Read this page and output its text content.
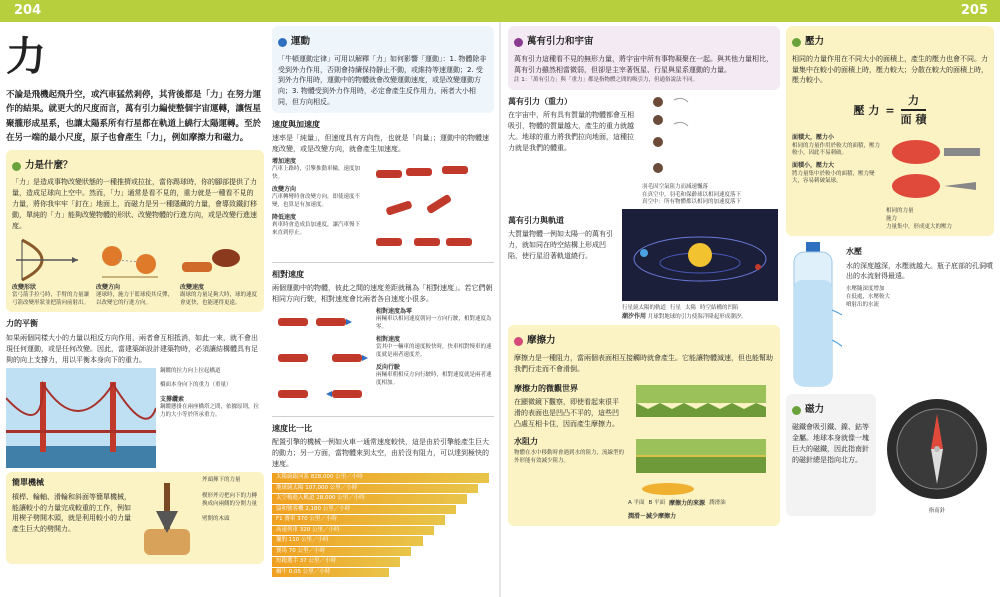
204	205
力
不論是飛機起飛升空，或汽車猛然剎停，其背後都是「力」在努力運作的結果。就更大的尺度而言，萬有引力編使整個宇宙運轉，讓恆星聚攏形成星系，也讓太陽系所有行星都在軌道上繞行太陽運轉。至於在另一端的最小尺度，原子也會產生「力」，例如摩擦力和磁力。
力是什麼？
「力」是造成事物改變狀態的一種推擠或拉扯，當你踢球時，你的腳部提供了力量，造成足球向上空中。然而，「力」通常是看不見的，重力就是一種看不見的力量，將你我牢牢「釘在」地面上，而磁力是另一種隱藏的力量，會導致鐵釘移動，單純的「力」能夠改變物體的形狀、改變物體的行進方向，或是改變行進速度。
改變形狀
當弓箭手拉弓時，手臂的力量讓弓箭改變形狀並把箭向前射出。
改變方向
運球時，施力于籃球使其反彈，以改變它的行進方向。
改變速度
踢球的力量足夠大時，球的速度會更快，也能運得更遠。
力的平衡
如果兩個同樣大小的力量以相反方向作用，兩者會互相抵消，如此一來，就不會出現任何運動，或是任何改變。因此，當建築師設計建築物時，必須讓結構體具有足夠的向上支撐力，用以平衡本身向下的重力。
鋼纜的拉力向上拉起橋道
橋面本身向下的重力（重量）
支撐纜索
鋼纜懸掛在兩座橋塔之間，依據原則，拉力的大小等於所承重力。
簡單機械
槓桿、輪軸、滑輪和斜面等簡單機械，能讓較小的力量完成較重的工作，例如用楔子劈開木頭，就是利用較小的力量產生巨大的劈開力。
斧頭揮下的力量
楔形斧刃把向下的力轉換成向兩側的分開力量
劈開的木頭
運動
「牛頓運動定律」可用以解釋「力」如何影響「運動」：1. 物體除非受到外力作用，否則會持續保持靜止不動，或維持等速運動；2. 受到外力作用時，運動中的物體就會改變運動速度，或是改變運動方向；3. 物體受到外力作用時，必定會產生反作用力，兩者大小相同，但方向相反。
速度與加速度
速率是「純量」，但速度具有方向性，也就是「向量」；運動中的物體速度改變，或是改變方向，就會產生加速度。
增加速度
汽車上路時，引擎推動車輪，速度加快。
改變方向
汽車轉彎時會改變方向，即使速度不變，也算是有加速度。
降低速度
剎車時會造成負加速度，讓汽車慢下來直到停止。
相對速度
兩個運動中的物體，彼此之間的速度差距就稱為「相對速度」。若它們朝相同方向行駛，相對速度會比兩者各自速度小很多。
相對速度為零
兩輛車以相同速度朝同一方向行駛，相對速度為零。
相對速度
當其中一輛車的速度較快時，快車相對慢車的速度就是兩者速度差。
反向行駛
兩輛車朝相反方向行駛時，相對速度就是兩者速度相加。
速度比一比
配置引擎的機械一例如火車一通常速度較快，這是由於引擎能產生巨大的動力；另一方面，當物體來到太空，由於沒有阻力，可以達到極快的速度。
太陽繞銀河系 828,000 公里／小時
地球繞太陽 107,000 公里／小時
太空梭進入軌道 28,000 公里／小時
協和號客機 2,180 公里／小時
F1 賽車 370 公里／小時
高速列車 320 公里／小時
獵豹 110 公里／小時
賽馬 70 公里／小時
短跑選手 37 公里／小時
蝸牛 0.05 公里／小時
萬有引力和宇宙
萬有引力這種看不見的無形力量，將宇宙中所有事物凝聚在一起。與其他力量相比，萬有引力雖然相當微弱，但卻是主宰著恆星、行星與星系運動的力量。
註 1：「萬有引力」與「重力」都是指物體之間的吸引力，但通俗說法不同。
萬有引力（重力）
在宇宙中，所有具有質量的物體都會互相吸引，物體的質量越大，產生的重力就越大。地球的重力將我們拉向地面，這種拉力就是我們的體重。
羽毛因空氣阻力而減速飄落
在真空中，羽毛和保齡球以相同速度落下
真空中：所有物體都以相同的加速度落下
萬有引力與軌道
大質量物體一例如太陽一的萬有引力，就如同在時空結構上形成凹陷，使行星沿著軌道繞行。
行星繞太陽的軌道 行星 太陽 時空結構的凹陷
潮汐作用 月球對地球的引力使海洋隆起形成潮汐。
摩擦力
摩擦力是一種阻力，當兩個表面相互接觸時就會產生。它能讓物體減速，但也能幫助我們行走而不會滑倒。
摩擦力的微觀世界
在顯微鏡下觀察，即使看起來很平滑的表面也是凹凸不平的，這些凹凸處互相卡住，因而產生摩擦力。
水阻力
物體在水中移動時會遇到水的阻力，流線型的外形能有效減少阻力。
A 平面 B 平面 摩擦力的來源 潤滑油
潤滑－減少摩擦力
壓力
相同的力量作用在不同大小的面積上，產生的壓力也會不同。力量集中在較小的面積上時，壓力較大；分散在較大的面積上時，壓力較小。
壓 力 = $\frac{\text{力}}{\text{面 積}}$
面積大，壓力小
相同的力量作用於較大的面積，壓力較小，因此不易刺破。
面積小，壓力大
將力量集中於較小的面積，壓力變大，容易刺破氣球。
相同的力量
施力
力量集中，形成更大的壓力
水壓
水的深度越深，水壓就越大。瓶子底部的孔洞噴出的水流射得最遠。
水壓隨深度增加
在低處，水壓較大
噴射出的水流
磁力
磁鐵會吸引鐵、鎳、鈷等金屬。地球本身就像一塊巨大的磁鐵，因此指南針的磁針總是指向北方。
指南針
